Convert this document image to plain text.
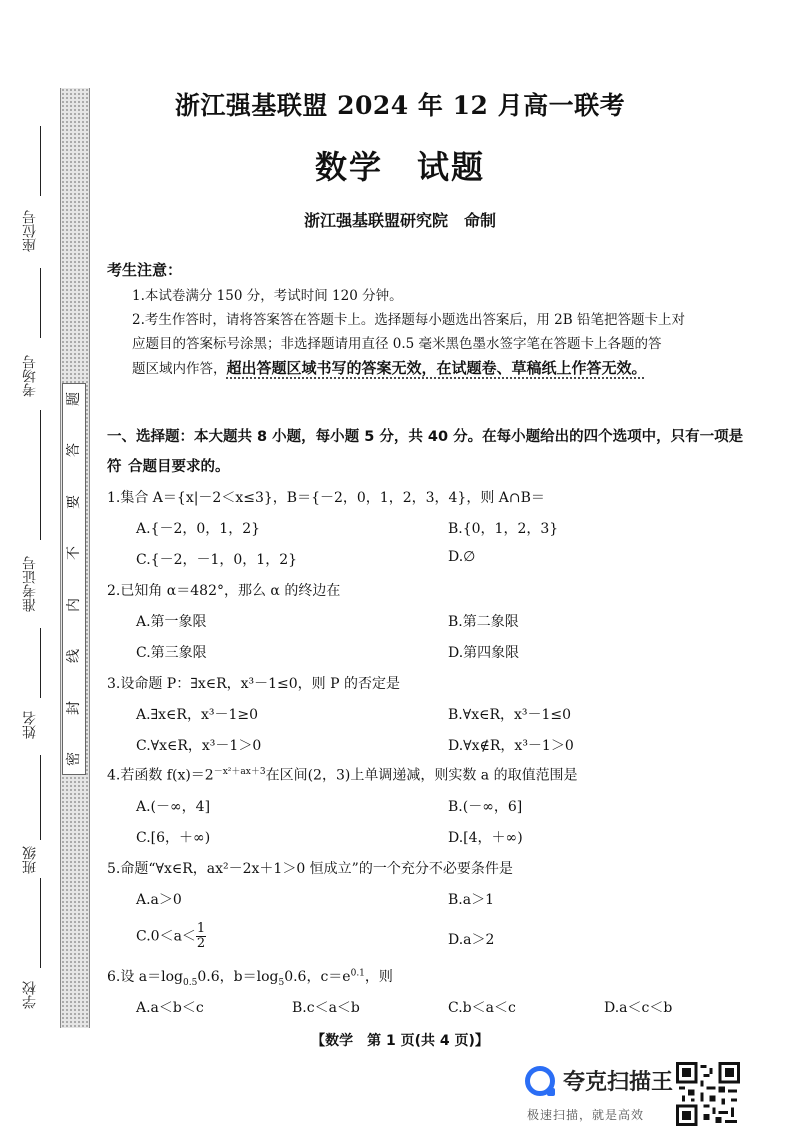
座位号
考场号
准考证号
姓名
班级
学校
题
答
要
不
内
线
封
密
浙江强基联盟 2024 年 12 月高一联考
数学　试题
浙江强基联盟研究院　命制
考生注意：
1.本试卷满分 150 分，考试时间 120 分钟。
2.考生作答时，请将答案答在答题卡上。选择题每小题选出答案后，用 2B 铅笔把答题卡上对
应题目的答案标号涂黑；非选择题请用直径 0.5 毫米黑色墨水签字笔在答题卡上各题的答
题区域内作答，超出答题区域书写的答案无效，在试题卷、草稿纸上作答无效。
一、选择题：本大题共 8 小题，每小题 5 分，共 40 分。在每小题给出的四个选项中，只有一项是符 合题目要求的。
1.集合 A＝{x|－2＜x≤3}，B＝{－2，0，1，2，3，4}，则 A∩B＝
A.{－2，0，1，2}	B.{0，1，2，3}
C.{－2，－1，0，1，2}	D.∅
2.已知角 α＝482°，那么 α 的终边在
A.第一象限	B.第二象限
C.第三象限	D.第四象限
3.设命题 P：∃x∈R，x³－1≤0，则 P 的否定是
A.∃x∈R，x³－1≥0	B.∀x∈R，x³－1≤0
C.∀x∈R，x³－1＞0	D.∀x∉R，x³－1＞0
4.若函数 $f(x)=2^{-x^2+ax+3}$在区间(2，3)上单调递减，则实数 a 的取值范围是
A.(－∞，4]	B.(－∞，6]
C.[6，＋∞)	D.[4，＋∞)
5.命题“∀x∈R，ax²－2x＋1＞0 恒成立”的一个充分不必要条件是
A.a＞0	B.a＞1
$C.0<a< \frac{1}{2}$	D.a＞2
6.设 $a=\log_{0.5}0.6$，$b=\log_50.6$，$c=e^{0.1}$，则
A.a＜b＜c	B.c＜a＜b	C.b＜a＜c	D.a＜c＜b
【数学　第 1 页(共 4 页)】
夸克扫描王
极速扫描，就是高效
